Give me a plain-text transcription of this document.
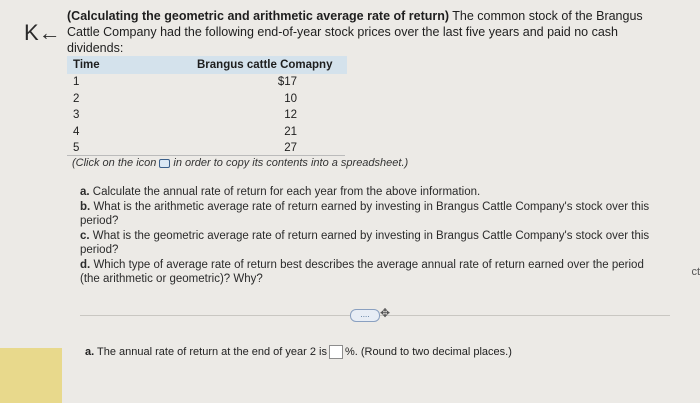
K←
(Calculating the geometric and arithmetic average rate of return) The common stock of the Brangus Cattle Company had the following end-of-year stock prices over the last five years and paid no cash dividends:
Time	Brangus cattle Comapny
1	$17
2	10
3	12
4	21
5	27
(Click on the icon in order to copy its contents into a spreadsheet.)
a. Calculate the annual rate of return for each year from the above information.
b. What is the arithmetic average rate of return earned by investing in Brangus Cattle Company's stock over this period?
c. What is the geometric average rate of return earned by investing in Brangus Cattle Company's stock over this period?
d. Which type of average rate of return best describes the average annual rate of return earned over the period (the arithmetic or geometric)? Why?
.... ✥
a. The annual rate of return at the end of year 2 is %. (Round to two decimal places.)
ct
